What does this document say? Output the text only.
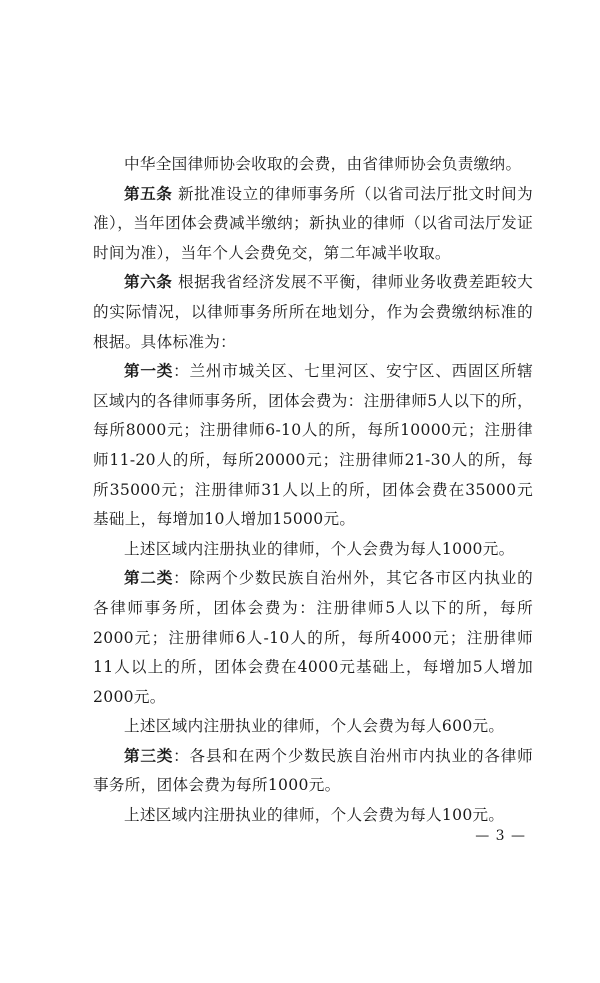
中华全国律师协会收取的会费，由省律师协会负责缴纳。

第五条 新批准设立的律师事务所（以省司法厅批文时间为准），当年团体会费减半缴纳；新执业的律师（以省司法厅发证时间为准），当年个人会费免交，第二年减半收取。

第六条 根据我省经济发展不平衡，律师业务收费差距较大的实际情况，以律师事务所所在地划分，作为会费缴纳标准的根据。具体标准为：

第一类：兰州市城关区、七里河区、安宁区、西固区所辖区域内的各律师事务所，团体会费为：注册律师5人以下的所，每所8000元；注册律师6-10人的所，每所10000元；注册律师11-20人的所，每所20000元；注册律师21-30人的所，每所35000元；注册律师31人以上的所，团体会费在35000元基础上，每增加10人增加15000元。

上述区域内注册执业的律师，个人会费为每人1000元。

第二类：除两个少数民族自治州外，其它各市区内执业的各律师事务所，团体会费为：注册律师5人以下的所，每所2000元；注册律师6人-10人的所，每所4000元；注册律师11人以上的所，团体会费在4000元基础上，每增加5人增加2000元。

上述区域内注册执业的律师，个人会费为每人600元。

第三类：各县和在两个少数民族自治州市内执业的各律师事务所，团体会费为每所1000元。

上述区域内注册执业的律师，个人会费为每人100元。

— 3 —
